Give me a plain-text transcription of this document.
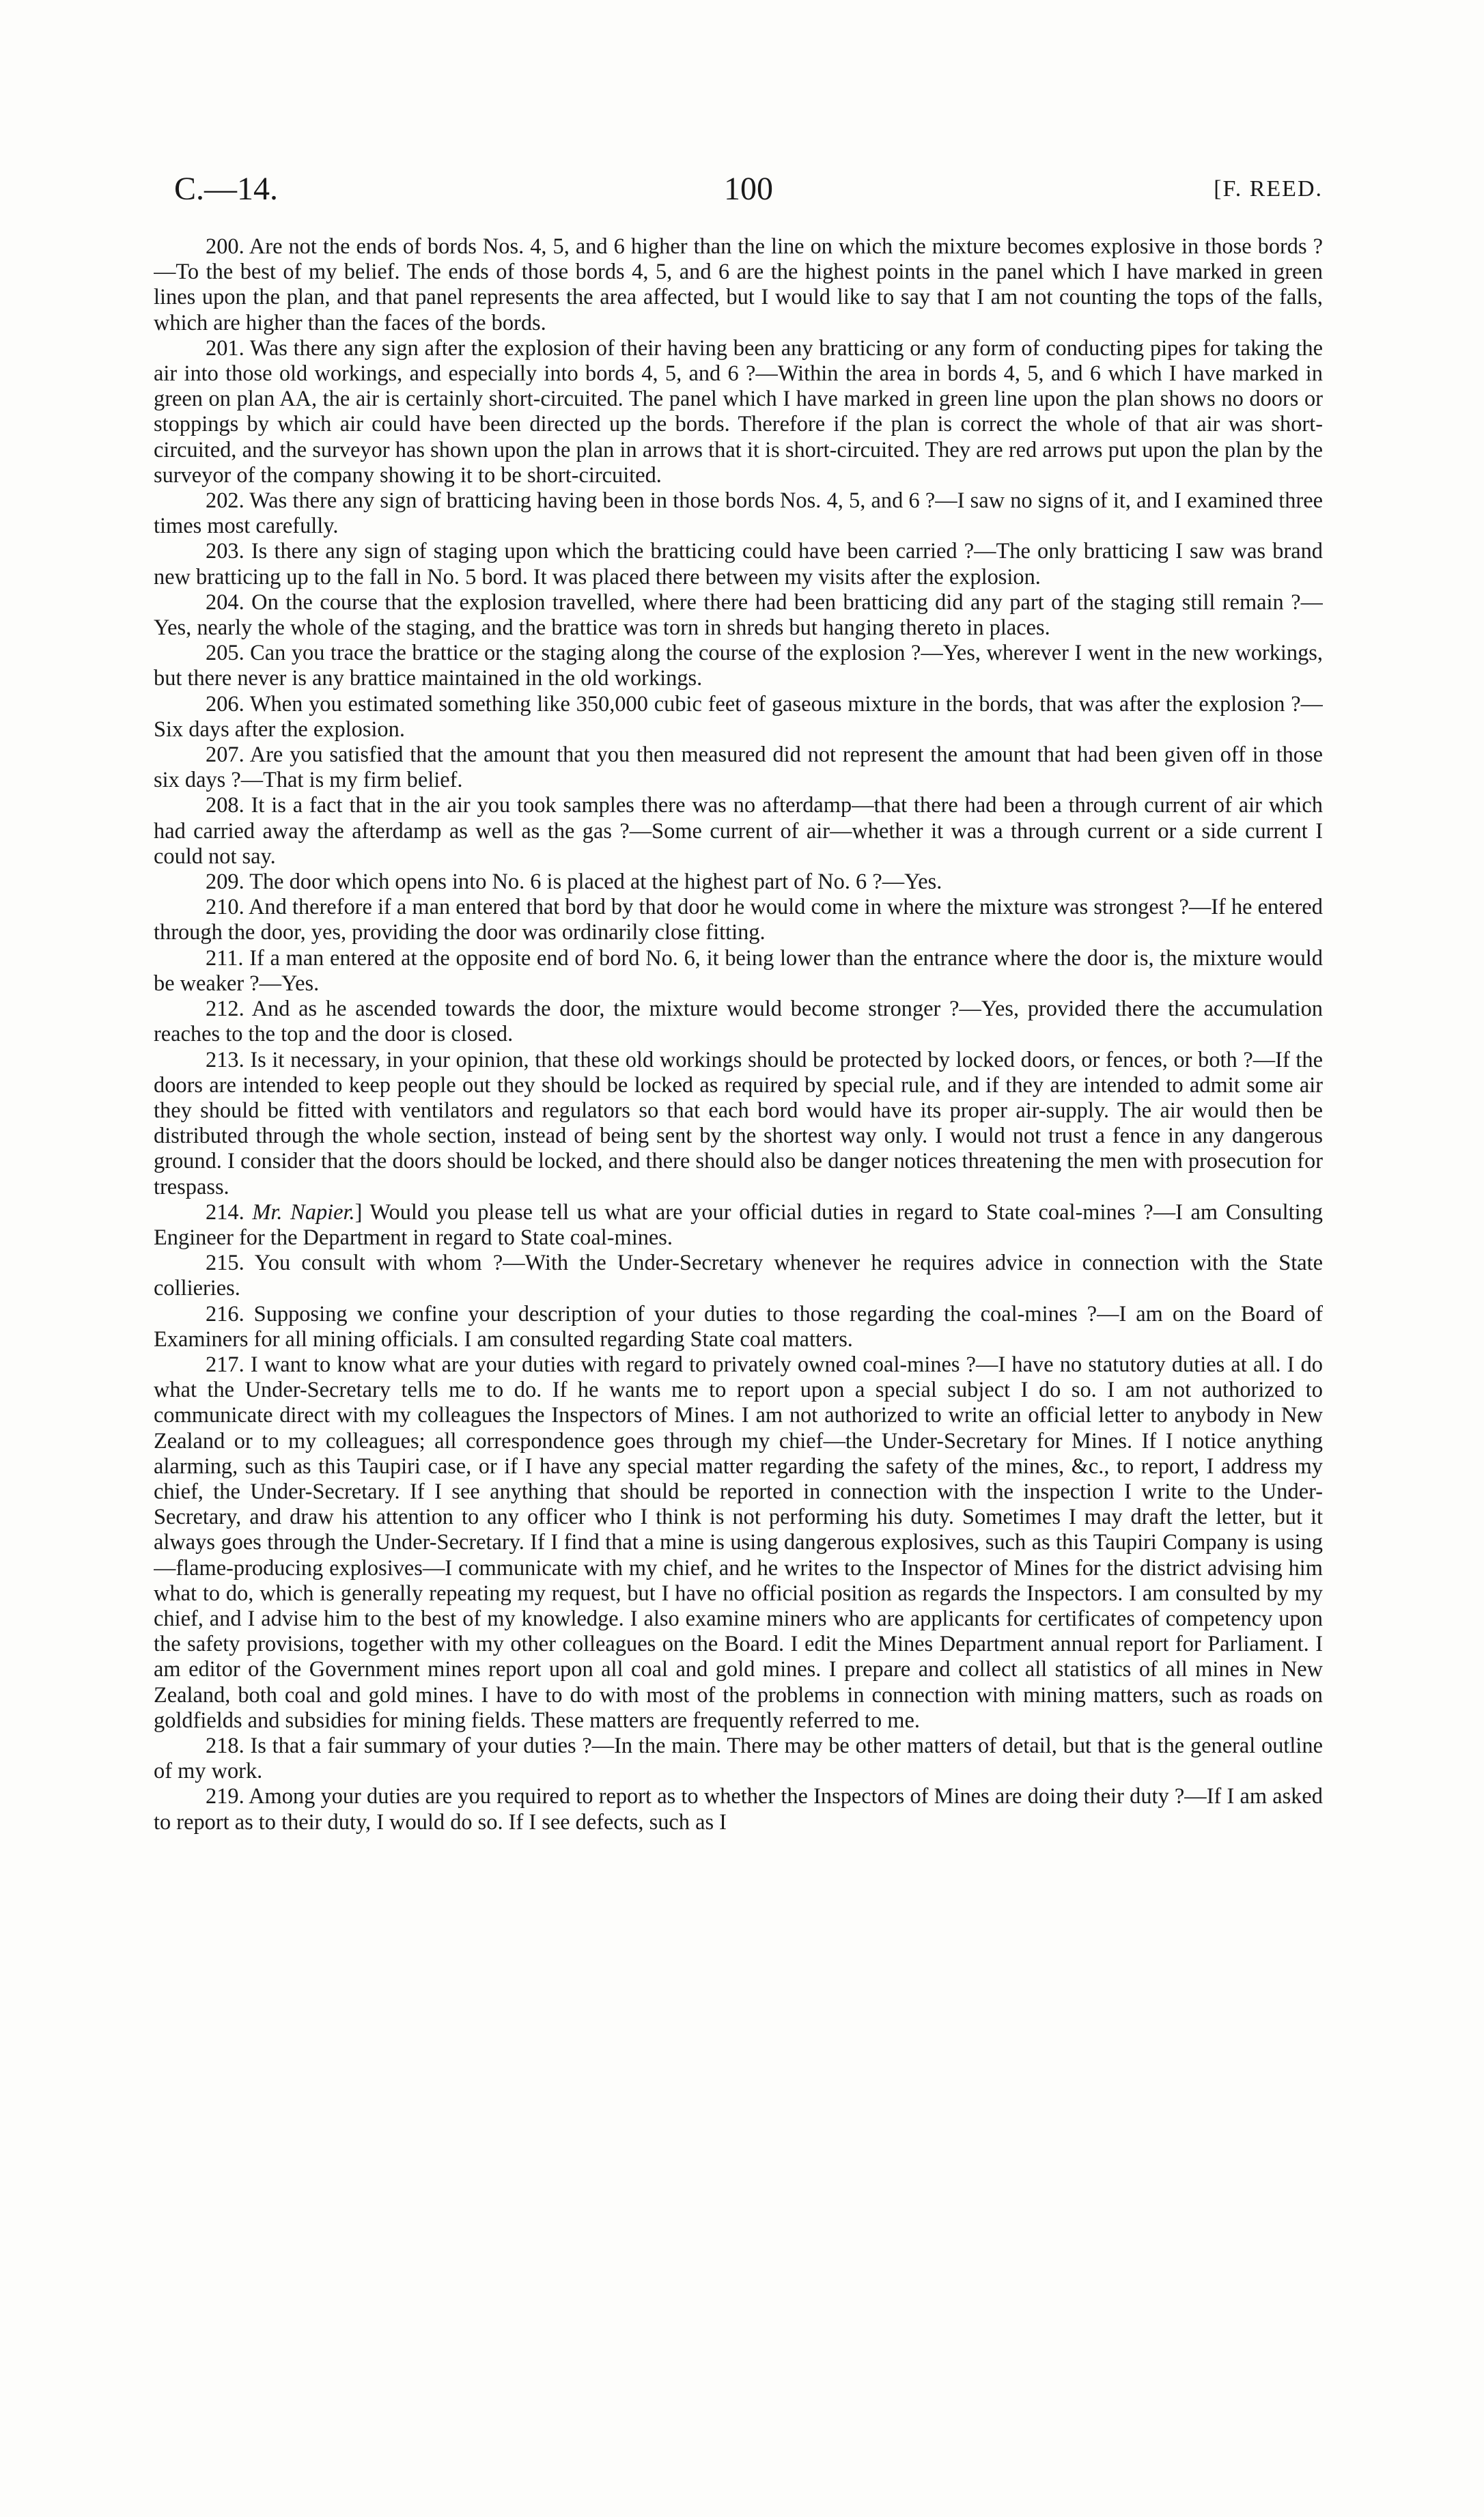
C.—14.	100	[F. REED.

200. Are not the ends of bords Nos. 4, 5, and 6 higher than the line on which the mixture becomes explosive in those bords ?—To the best of my belief. The ends of those bords 4, 5, and 6 are the highest points in the panel which I have marked in green lines upon the plan, and that panel represents the area affected, but I would like to say that I am not counting the tops of the falls, which are higher than the faces of the bords.

201. Was there any sign after the explosion of their having been any bratticing or any form of conducting pipes for taking the air into those old workings, and especially into bords 4, 5, and 6 ?—Within the area in bords 4, 5, and 6 which I have marked in green on plan AA, the air is certainly short-circuited. The panel which I have marked in green line upon the plan shows no doors or stoppings by which air could have been directed up the bords. Therefore if the plan is correct the whole of that air was short-circuited, and the surveyor has shown upon the plan in arrows that it is short-circuited. They are red arrows put upon the plan by the surveyor of the company showing it to be short-circuited.

202. Was there any sign of bratticing having been in those bords Nos. 4, 5, and 6 ?—I saw no signs of it, and I examined three times most carefully.

203. Is there any sign of staging upon which the bratticing could have been carried ?—The only bratticing I saw was brand new bratticing up to the fall in No. 5 bord. It was placed there between my visits after the explosion.

204. On the course that the explosion travelled, where there had been bratticing did any part of the staging still remain ?—Yes, nearly the whole of the staging, and the brattice was torn in shreds but hanging thereto in places.

205. Can you trace the brattice or the staging along the course of the explosion ?—Yes, wherever I went in the new workings, but there never is any brattice maintained in the old workings.

206. When you estimated something like 350,000 cubic feet of gaseous mixture in the bords, that was after the explosion ?—Six days after the explosion.

207. Are you satisfied that the amount that you then measured did not represent the amount that had been given off in those six days ?—That is my firm belief.

208. It is a fact that in the air you took samples there was no afterdamp—that there had been a through current of air which had carried away the afterdamp as well as the gas ?—Some current of air—whether it was a through current or a side current I could not say.

209. The door which opens into No. 6 is placed at the highest part of No. 6 ?—Yes.

210. And therefore if a man entered that bord by that door he would come in where the mixture was strongest ?—If he entered through the door, yes, providing the door was ordinarily close fitting.

211. If a man entered at the opposite end of bord No. 6, it being lower than the entrance where the door is, the mixture would be weaker ?—Yes.

212. And as he ascended towards the door, the mixture would become stronger ?—Yes, provided there the accumulation reaches to the top and the door is closed.

213. Is it necessary, in your opinion, that these old workings should be protected by locked doors, or fences, or both ?—If the doors are intended to keep people out they should be locked as required by special rule, and if they are intended to admit some air they should be fitted with ventilators and regulators so that each bord would have its proper air-supply. The air would then be distributed through the whole section, instead of being sent by the shortest way only. I would not trust a fence in any dangerous ground. I consider that the doors should be locked, and there should also be danger notices threatening the men with prosecution for trespass.

214. Mr. Napier.] Would you please tell us what are your official duties in regard to State coal-mines ?—I am Consulting Engineer for the Department in regard to State coal-mines.

215. You consult with whom ?—With the Under-Secretary whenever he requires advice in connection with the State collieries.

216. Supposing we confine your description of your duties to those regarding the coal-mines ?—I am on the Board of Examiners for all mining officials. I am consulted regarding State coal matters.

217. I want to know what are your duties with regard to privately owned coal-mines ?—I have no statutory duties at all. I do what the Under-Secretary tells me to do. If he wants me to report upon a special subject I do so. I am not authorized to communicate direct with my colleagues the Inspectors of Mines. I am not authorized to write an official letter to anybody in New Zealand or to my colleagues; all correspondence goes through my chief—the Under-Secretary for Mines. If I notice anything alarming, such as this Taupiri case, or if I have any special matter regarding the safety of the mines, &c., to report, I address my chief, the Under-Secretary. If I see anything that should be reported in connection with the inspection I write to the Under-Secretary, and draw his attention to any officer who I think is not performing his duty. Sometimes I may draft the letter, but it always goes through the Under-Secretary. If I find that a mine is using dangerous explosives, such as this Taupiri Company is using—flame-producing explosives—I communicate with my chief, and he writes to the Inspector of Mines for the district advising him what to do, which is generally repeating my request, but I have no official position as regards the Inspectors. I am consulted by my chief, and I advise him to the best of my knowledge. I also examine miners who are applicants for certificates of competency upon the safety provisions, together with my other colleagues on the Board. I edit the Mines Department annual report for Parliament. I am editor of the Government mines report upon all coal and gold mines. I prepare and collect all statistics of all mines in New Zealand, both coal and gold mines. I have to do with most of the problems in connection with mining matters, such as roads on goldfields and subsidies for mining fields. These matters are frequently referred to me.

218. Is that a fair summary of your duties ?—In the main. There may be other matters of detail, but that is the general outline of my work.

219. Among your duties are you required to report as to whether the Inspectors of Mines are doing their duty ?—If I am asked to report as to their duty, I would do so. If I see defects, such as I
